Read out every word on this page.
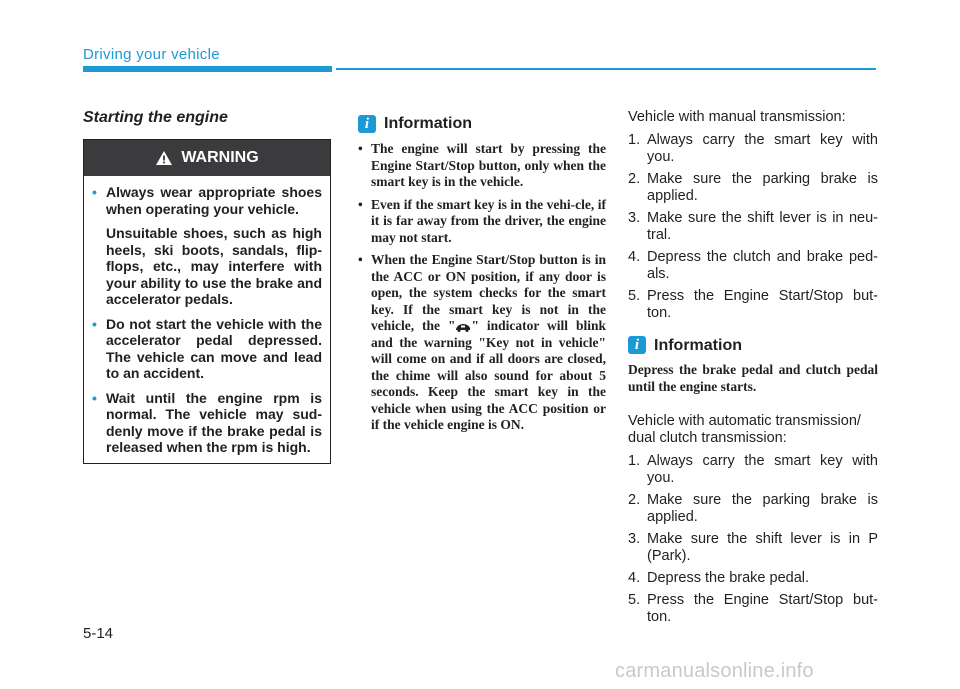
Driving your vehicle
Starting the engine
WARNING
• Always wear appropriate shoes when operating your vehicle.

Unsuitable shoes, such as high heels, ski boots, sandals, flip-flops, etc., may interfere with your ability to use the brake and accelerator pedals.

• Do not start the vehicle with the accelerator pedal depressed. The vehicle can move and lead to an accident.

• Wait until the engine rpm is normal. The vehicle may sud-denly move if the brake pedal is released when the rpm is high.

i Information
• The engine will start by pressing the Engine Start/Stop button, only when the smart key is in the vehicle.
• Even if the smart key is in the vehi-cle, if it is far away from the driver, the engine may not start.
• When the Engine Start/Stop button is in the ACC or ON position, if any door is open, the system checks for the smart key. If the smart key is not in the vehicle, the " " indicator will blink and the warning "Key not in vehicle" will come on and if all doors are closed, the chime will also sound for about 5 seconds. Keep the smart key in the vehicle when using the ACC position or if the vehicle engine is ON.

Vehicle with manual transmission:

1. Always carry the smart key with you.
2. Make sure the parking brake is applied.
3. Make sure the shift lever is in neu-tral.
4. Depress the clutch and brake ped-als.
5. Press the Engine Start/Stop but-ton.
i Information

Depress the brake pedal and clutch pedal until the engine starts.

Vehicle with automatic transmission/ dual clutch transmission:

1. Always carry the smart key with you.
2. Make sure the parking brake is applied.
3. Make sure the shift lever is in P (Park).
4. Depress the brake pedal.
5. Press the Engine Start/Stop but-ton.
5-14
carmanualsonline.info
